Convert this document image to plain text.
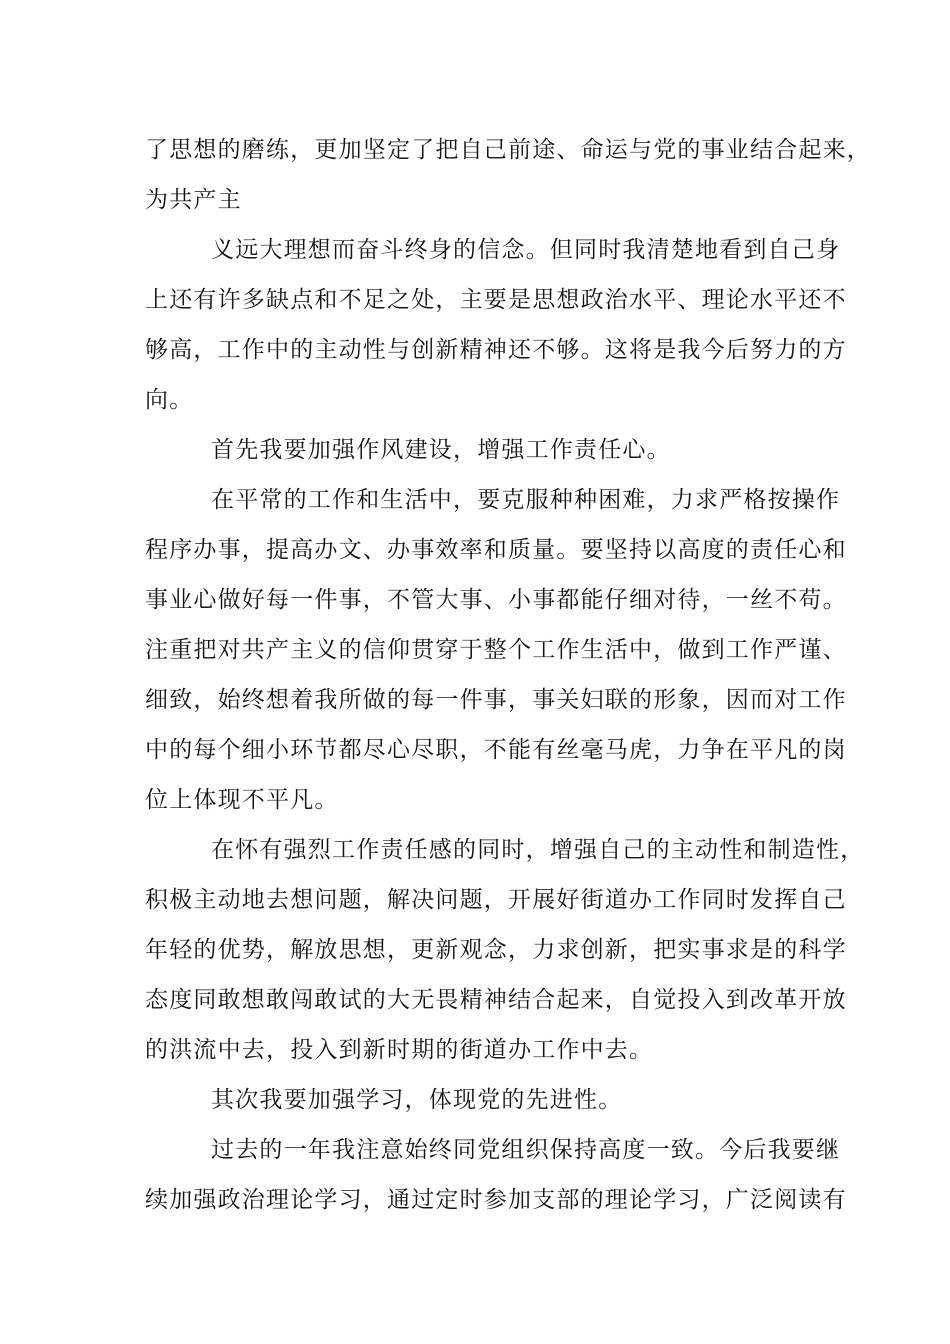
了思想的磨练，更加坚定了把自己前途、命运与党的事业结合起来，
为共产主
义远大理想而奋斗终身的信念。但同时我清楚地看到自己身
上还有许多缺点和不足之处，主要是思想政治水平、理论水平还不
够高，工作中的主动性与创新精神还不够。这将是我今后努力的方
向。
首先我要加强作风建设，增强工作责任心。
在平常的工作和生活中，要克服种种困难，力求严格按操作
程序办事，提高办文、办事效率和质量。要坚持以高度的责任心和
事业心做好每一件事，不管大事、小事都能仔细对待，一丝不苟。
注重把对共产主义的信仰贯穿于整个工作生活中，做到工作严谨、
细致，始终想着我所做的每一件事，事关妇联的形象，因而对工作
中的每个细小环节都尽心尽职，不能有丝毫马虎，力争在平凡的岗
位上体现不平凡。
在怀有强烈工作责任感的同时，增强自己的主动性和制造性，
积极主动地去想问题，解决问题，开展好街道办工作同时发挥自己
年轻的优势，解放思想，更新观念，力求创新，把实事求是的科学
态度同敢想敢闯敢试的大无畏精神结合起来，自觉投入到改革开放
的洪流中去，投入到新时期的街道办工作中去。
其次我要加强学习，体现党的先进性。
过去的一年我注意始终同党组织保持高度一致。今后我要继
续加强政治理论学习，通过定时参加支部的理论学习，广泛阅读有
